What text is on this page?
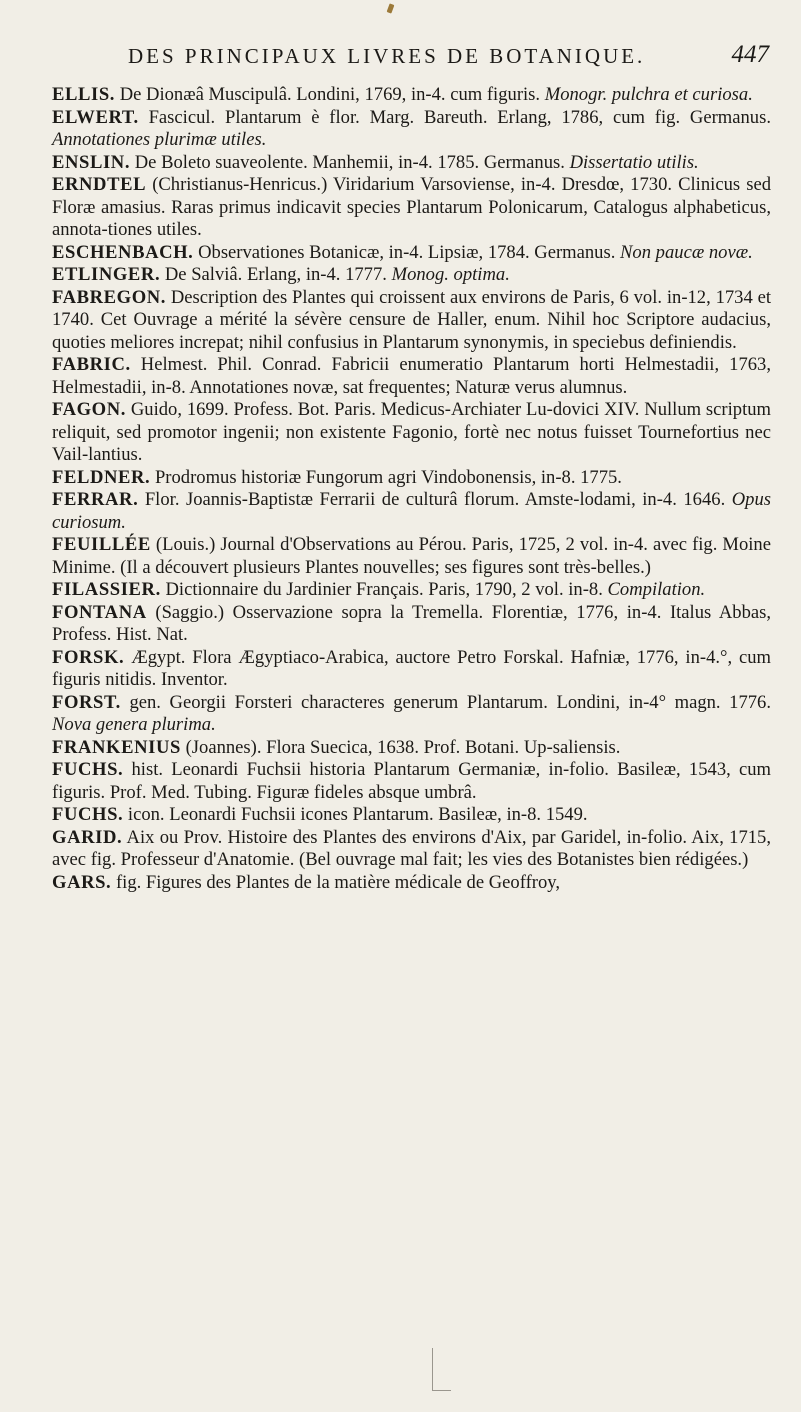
DES PRINCIPAUX LIVRES DE BOTANIQUE.	447

ELLIS. De Dionæâ Muscipulâ. Londini, 1769, in-4. cum figuris. Monogr. pulchra et curiosa.

ELWERT. Fascicul. Plantarum è flor. Marg. Bareuth. Erlang, 1786, cum fig. Germanus. Annotationes plurimæ utiles.

ENSLIN. De Boleto suaveolente. Manhemii, in-4. 1785. Germanus. Dissertatio utilis.

ERNDTEL (Christianus-Henricus.) Viridarium Varsoviense, in-4. Dresdœ, 1730. Clinicus sed Floræ amasius. Raras primus indicavit species Plantarum Polonicarum, Catalogus alphabeticus, annota-tiones utiles.

ESCHENBACH. Observationes Botanicæ, in-4. Lipsiæ, 1784. Germanus. Non paucæ novæ.

ETLINGER. De Salviâ. Erlang, in-4. 1777. Monog. optima.

FABREGON. Description des Plantes qui croissent aux environs de Paris, 6 vol. in-12, 1734 et 1740. Cet Ouvrage a mérité la sévère censure de Haller, enum. Nihil hoc Scriptore audacius, quoties meliores increpat; nihil confusius in Plantarum synonymis, in speciebus definiendis.

FABRIC. Helmest. Phil. Conrad. Fabricii enumeratio Plantarum horti Helmestadii, 1763, Helmestadii, in-8. Annotationes novæ, sat frequentes; Naturæ verus alumnus.

FAGON. Guido, 1699. Profess. Bot. Paris. Medicus-Archiater Lu-dovici XIV. Nullum scriptum reliquit, sed promotor ingenii; non existente Fagonio, fortè nec notus fuisset Tournefortius nec Vail-lantius.

FELDNER. Prodromus historiæ Fungorum agri Vindobonensis, in-8. 1775.

FERRAR. Flor. Joannis-Baptistæ Ferrarii de culturâ florum. Amste-lodami, in-4. 1646. Opus curiosum.

FEUILLÉE (Louis.) Journal d'Observations au Pérou. Paris, 1725, 2 vol. in-4. avec fig. Moine Minime. (Il a découvert plusieurs Plantes nouvelles; ses figures sont très-belles.)

FILASSIER. Dictionnaire du Jardinier Français. Paris, 1790, 2 vol. in-8. Compilation.

FONTANA (Saggio.) Osservazione sopra la Tremella. Florentiæ, 1776, in-4. Italus Abbas, Profess. Hist. Nat.

FORSK. Ægypt. Flora Ægyptiaco-Arabica, auctore Petro Forskal. Hafniæ, 1776, in-4.°, cum figuris nitidis. Inventor.

FORST. gen. Georgii Forsteri characteres generum Plantarum. Londini, in-4° magn. 1776. Nova genera plurima.

FRANKENIUS (Joannes). Flora Suecica, 1638. Prof. Botani. Up-saliensis.

FUCHS. hist. Leonardi Fuchsii historia Plantarum Germaniæ, in-folio. Basileæ, 1543, cum figuris. Prof. Med. Tubing. Figuræ fideles absque umbrâ.

FUCHS. icon. Leonardi Fuchsii icones Plantarum. Basileæ, in-8. 1549.

GARID. Aix ou Prov. Histoire des Plantes des environs d'Aix, par Garidel, in-folio. Aix, 1715, avec fig. Professeur d'Anatomie. (Bel ouvrage mal fait; les vies des Botanistes bien rédigées.)

GARS. fig. Figures des Plantes de la matière médicale de Geoffroy,
